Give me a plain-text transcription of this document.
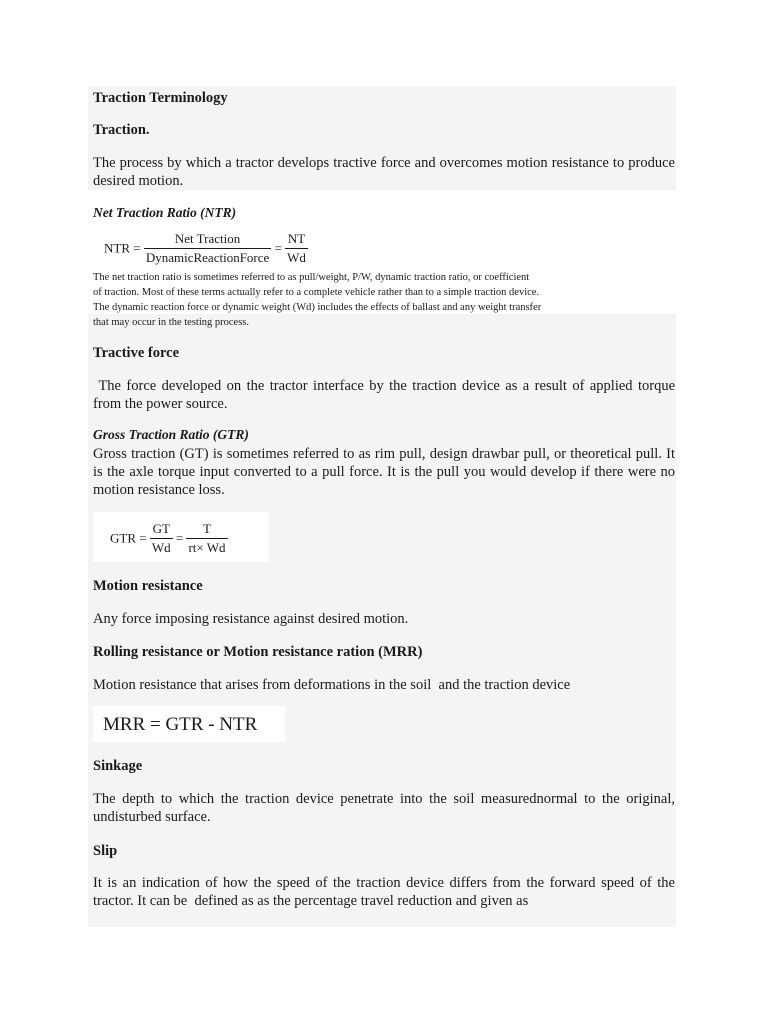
Traction Terminology
Traction.
The process by which a tractor develops tractive force and overcomes motion resistance to produce desired motion.
Net Traction Ratio (NTR)
NTR = $\frac{\text{Net Traction}}{\text{DynamicReactionForce}} = \frac{NT}{Wd}$
The net traction ratio is sometimes referred to as pull/weight, P/W, dynamic traction ratio, or coefficient
of traction. Most of these terms actually refer to a complete vehicle rather than to a simple traction device.
The dynamic reaction force or dynamic weight (Wd) includes the effects of ballast and any weight transfer
that may occur in the testing process.
Tractive force
The force developed on the tractor interface by the traction device as a result of applied torque from the power source.
Gross Traction Ratio (GTR)
Gross traction (GT) is sometimes referred to as rim pull, design drawbar pull, or theoretical pull. It is the axle torque input converted to a pull force. It is the pull you would develop if there were no motion resistance loss.
GTR = $\frac{GT}{Wd} = \frac{T}{rt\times Wd}$
Motion resistance
Any force imposing resistance against desired motion.
Rolling resistance or Motion resistance ration (MRR)
Motion resistance that arises from deformations in the soil  and the traction device
MRR = GTR - NTR
Sinkage
The depth to which the traction device penetrate into the soil measurednormal to the original, undisturbed surface.
Slip
It is an indication of how the speed of the traction device differs from the forward speed of the tractor. It can be  defined as as the percentage travel reduction and given as
